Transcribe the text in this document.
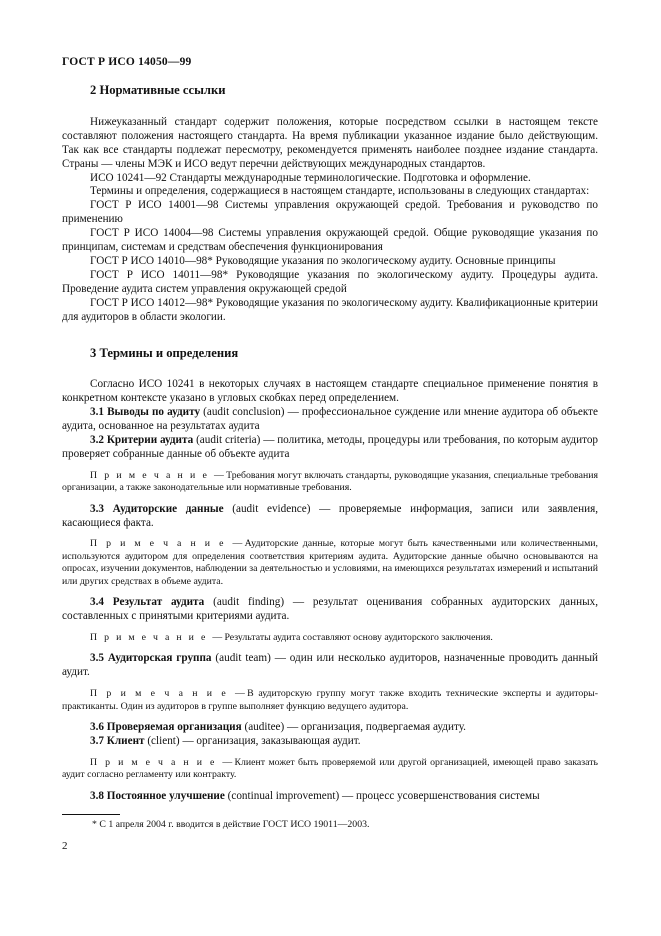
ГОСТ Р ИСО 14050—99
2 Нормативные ссылки

Нижеуказанный стандарт содержит положения, которые посредством ссылки в настоящем тексте составляют положения настоящего стандарта. На время публикации указанное издание было действующим. Так как все стандарты подлежат пересмотру, рекомендуется применять наиболее позднее издание стандарта. Страны — члены МЭК и ИСО ведут перечни действующих международных стандартов.

ИСО 10241—92 Стандарты международные терминологические. Подготовка и оформление.

Термины и определения, содержащиеся в настоящем стандарте, использованы в следующих стандартах:

ГОСТ Р ИСО 14001—98 Системы управления окружающей средой. Требования и руководство по применению

ГОСТ Р ИСО 14004—98 Системы управления окружающей средой. Общие руководящие указания по принципам, системам и средствам обеспечения функционирования

ГОСТ Р ИСО 14010—98* Руководящие указания по экологическому аудиту. Основные принципы

ГОСТ Р ИСО 14011—98* Руководящие указания по экологическому аудиту. Процедуры аудита. Проведение аудита систем управления окружающей средой

ГОСТ Р ИСО 14012—98* Руководящие указания по экологическому аудиту. Квалификационные критерии для аудиторов в области экологии.

3 Термины и определения

Согласно ИСО 10241 в некоторых случаях в настоящем стандарте специальное применение понятия в конкретном контексте указано в угловых скобках перед определением.

3.1 Выводы по аудиту (audit conclusion) — профессиональное суждение или мнение аудитора об объекте аудита, основанное на результатах аудита

3.2 Критерии аудита (audit criteria) — политика, методы, процедуры или требования, по которым аудитор проверяет собранные данные об объекте аудита

П р и м е ч а н и е —Требования могут включать стандарты, руководящие указания, специальные требования организации, а также законодательные или нормативные требования.

3.3 Аудиторские данные (audit evidence) — проверяемые информация, записи или заявления, касающиеся факта.

П р и м е ч а н и е —Аудиторские данные, которые могут быть качественными или количественными, используются аудитором для определения соответствия критериям аудита. Аудиторские данные обычно основываются на опросах, изучении документов, наблюдении за деятельностью и условиями, на имеющихся результатах измерений и испытаний или других средствах в объеме аудита.

3.4 Результат аудита (audit finding) — результат оценивания собранных аудиторских данных, составленных с принятыми критериями аудита.

П р и м е ч а н и е —Результаты аудита составляют основу аудиторского заключения.

3.5 Аудиторская группа (audit team) — один или несколько аудиторов, назначенные проводить данный аудит.

П р и м е ч а н и е —В аудиторскую группу могут также входить технические эксперты и аудиторы-практиканты. Один из аудиторов в группе выполняет функцию ведущего аудитора.

3.6 Проверяемая организация (auditee) — организация, подвергаемая аудиту.

3.7 Клиент (client) — организация, заказывающая аудит.

П р и м е ч а н и е —Клиент может быть проверяемой или другой организацией, имеющей право заказать аудит согласно регламенту или контракту.

3.8 Постоянное улучшение (continual improvement) — процесс усовершенствования системы

* С 1 апреля 2004 г. вводится в действие ГОСТ ИСО 19011—2003.
2
